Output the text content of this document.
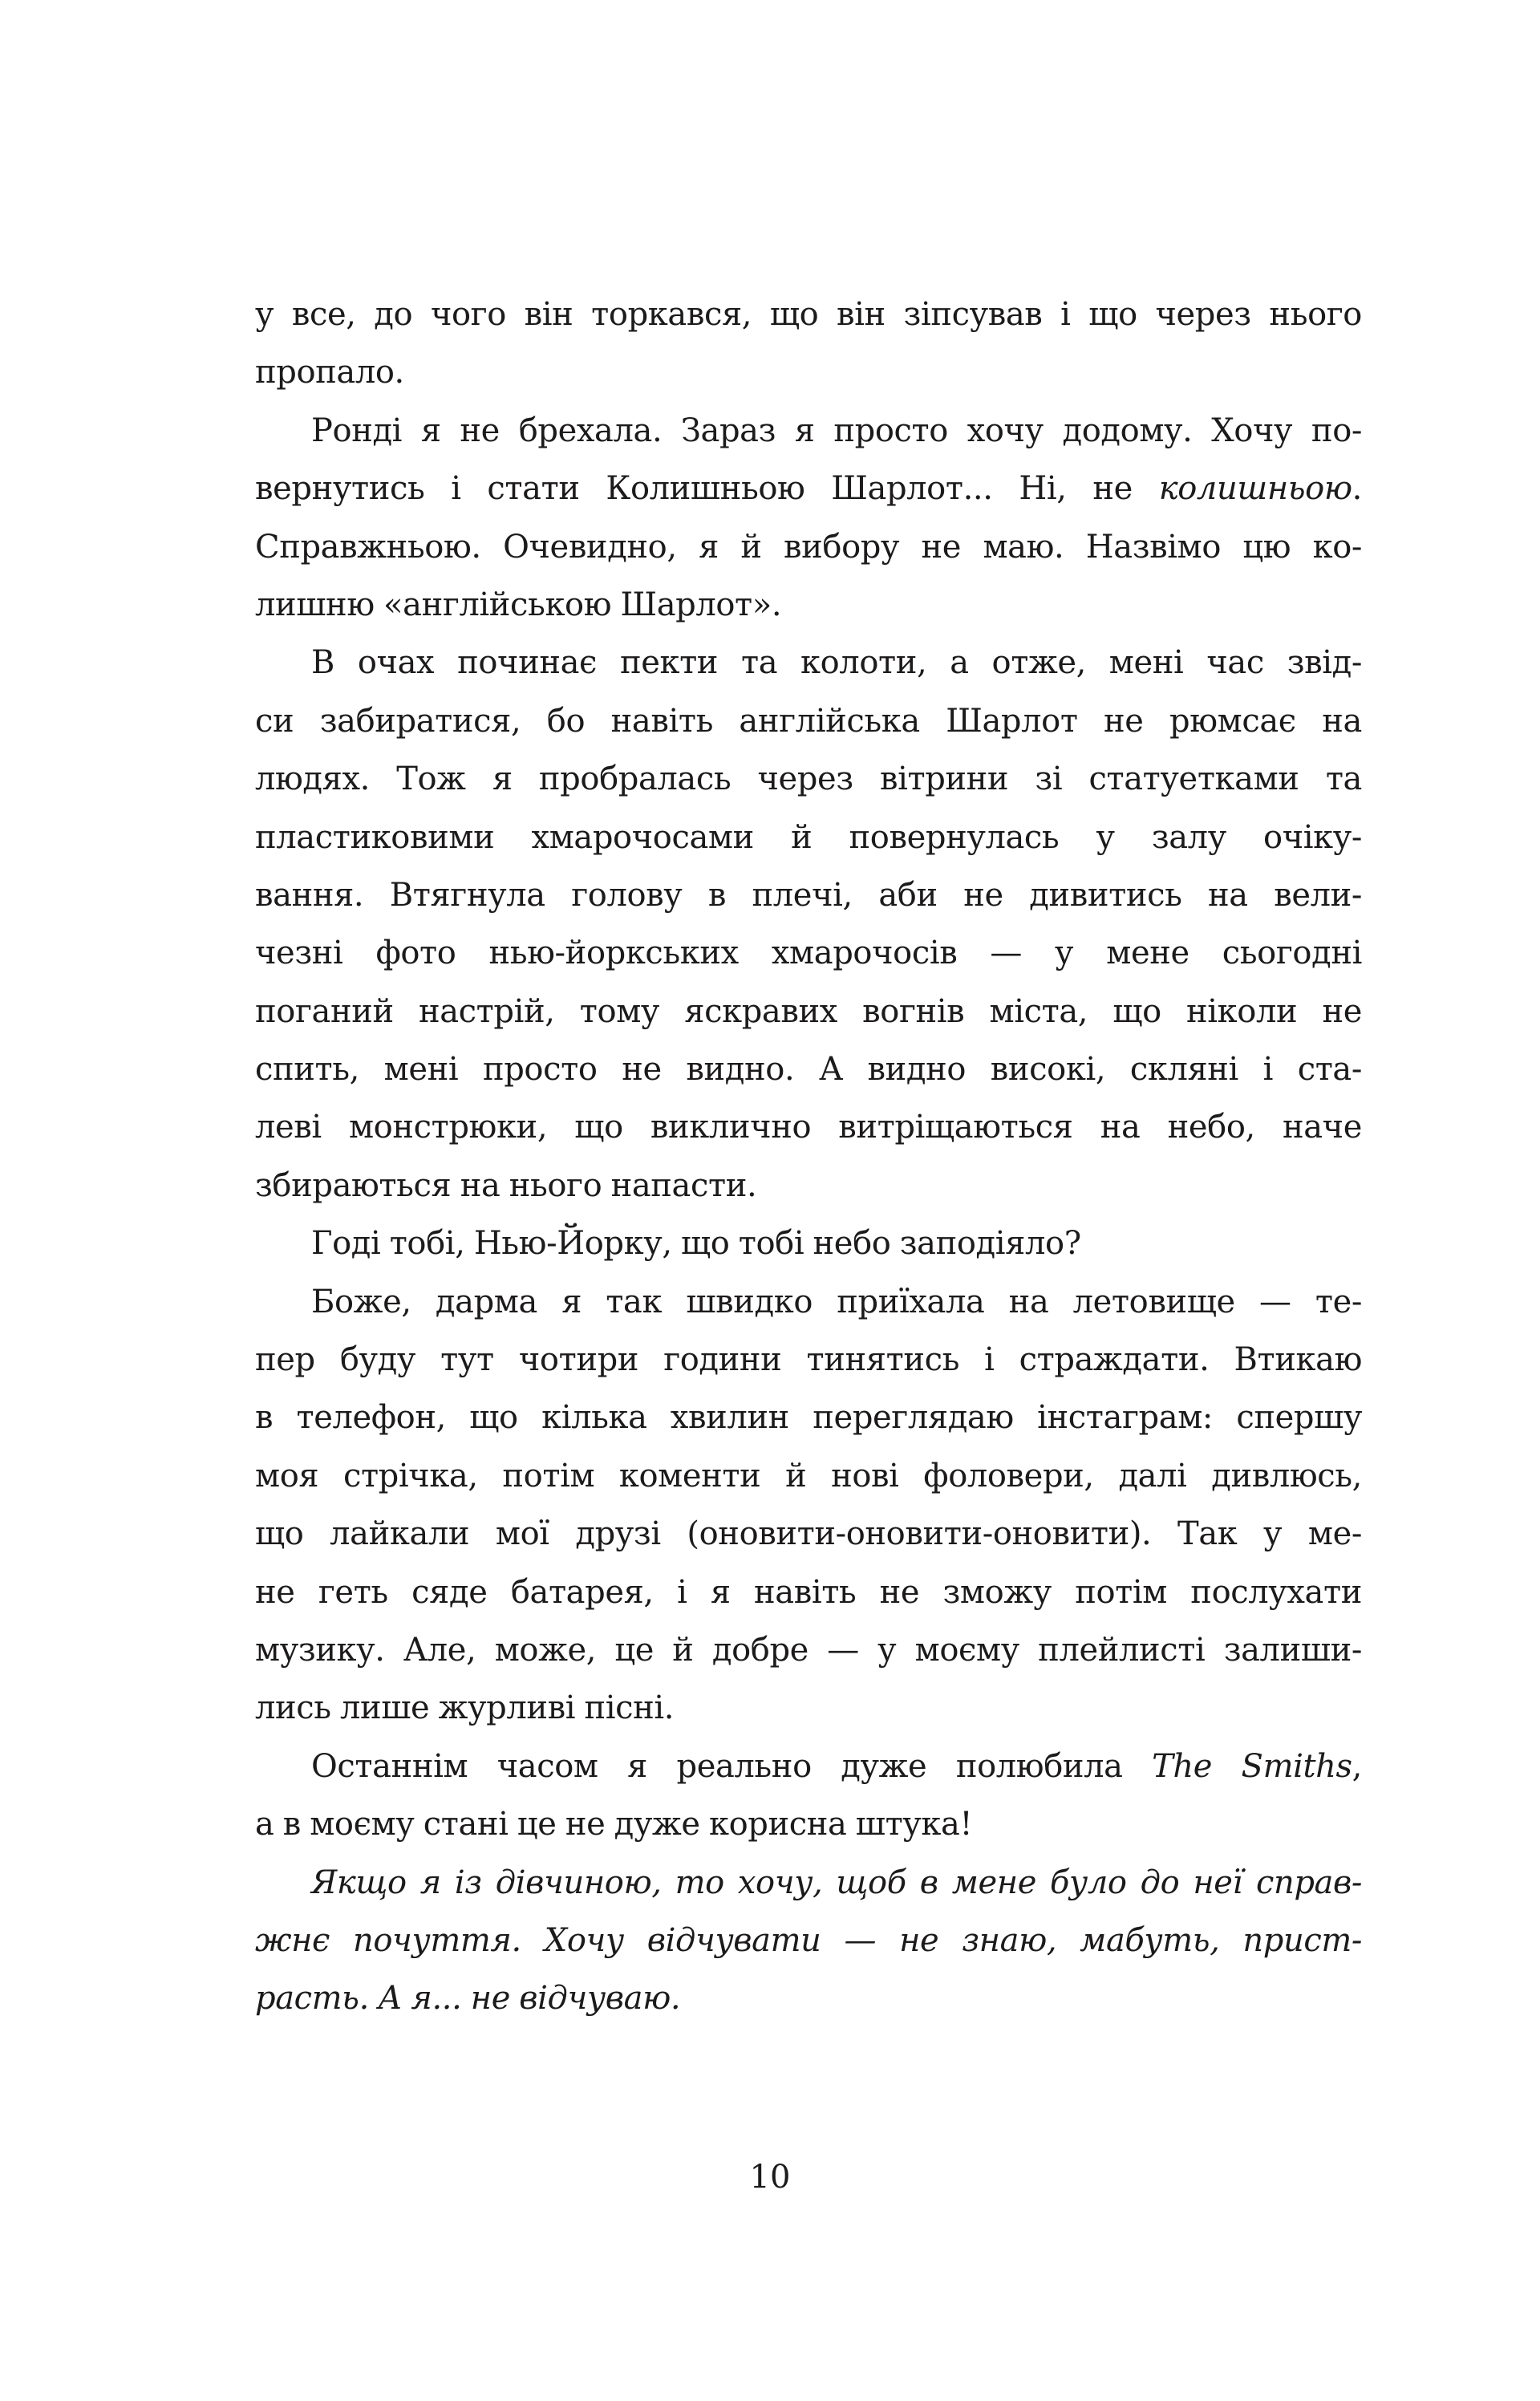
у все, до чого він торкався, що він зіпсував і що через нього
пропало.
Ронді я не брехала. Зараз я просто хочу додому. Хочу по-
вернутись і стати Колишньою Шарлот... Ні, не колишньою.
Справжньою. Очевидно, я й вибору не маю. Назвімо цю ко-
лишню «англійською Шарлот».
В очах починає пекти та колоти, а отже, мені час звід-
си забиратися, бо навіть англійська Шарлот не рюмсає на
людях. Тож я пробралась через вітрини зі статуетками та
пластиковими хмарочосами й повернулась у залу очіку-
вання. Втягнула голову в плечі, аби не дивитись на вели-
чезні фото нью-йоркських хмарочосів — у мене сьогодні
поганий настрій, тому яскравих вогнів міста, що ніколи не
спить, мені просто не видно. А видно високі, скляні і ста-
леві монстрюки, що виклично витріщаються на небо, наче
збираються на нього напасти.
Годі тобі, Нью-Йорку, що тобі небо заподіяло?
Боже, дарма я так швидко приїхала на летовище — те-
пер буду тут чотири години тинятись і страждати. Втикаю
в телефон, що кілька хвилин переглядаю інстаграм: спершу
моя стрічка, потім коменти й нові фоловери, далі дивлюсь,
що лайкали мої друзі (оновити-оновити-оновити). Так у ме-
не геть сяде батарея, і я навіть не зможу потім послухати
музику. Але, може, це й добре — у моєму плейлисті залиши-
лись лише журливі пісні.
Останнім часом я реально дуже полюбила The Smiths,
а в моєму стані це не дуже корисна штука!
Якщо я із дівчиною, то хочу, щоб в мене було до неї справ-
жнє почуття. Хочу відчувати — не знаю, мабуть, прист-
расть. А я... не відчуваю.
10
